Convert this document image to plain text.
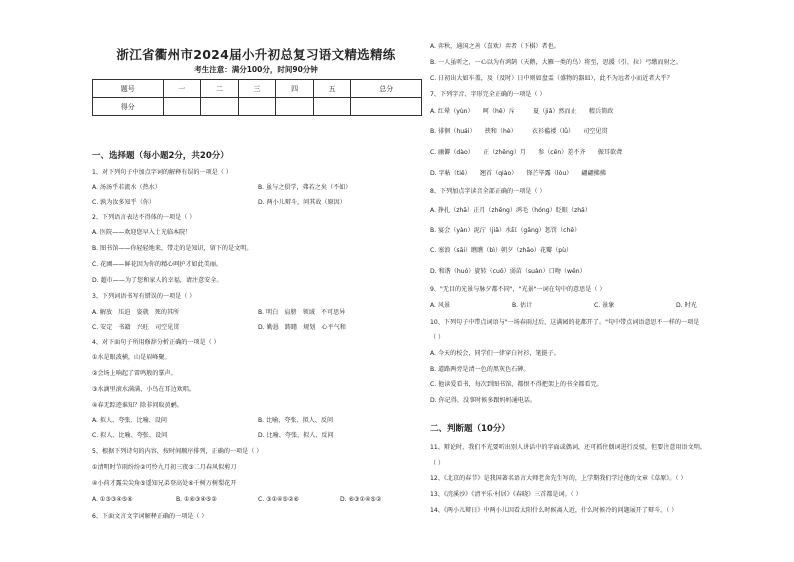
浙江省衢州市2024届小升初总复习语文精选精练
考生注意：满分100分，时间90分钟
题号	一	二	三	四	五	总分
得分						
一、选择题（每小题2分，共20分）
1、对下列句子中加点字词的解释有误的一项是（ ）
A. 汤汤乎若流水（热水）	B. 虽与之俱学，弗若之矣（不如）
C. 孰为汝多知乎（你）	D. 两小儿辩斗，问其故（原因）
2、下列语言表达不得体的一项是（ ）
A. 医院——欢迎您早入土光临本院！
B. 图书馆——你轻轻地来，带走的是知识，留下的是文明。
C. 花圃——鲜花因为你的精心呵护才如此美丽。
D. 超市——为了您和家人的幸福，请注意安全。
3、下列词语书写有错误的一项是（ ）
A. 解放　压迫　姿就　死的其所	B. 明白　肩膀　领域　不可思异
C. 安定　书籍　兴旺　司空见贯	D. 勤恳　踌躇　规划　心平气和
4、对下面句子所用修辞分析正确的一项是（ ）
①水是眼波横，山是眉峰聚。
②会场上响起了雷鸣般的掌声。
③水滴里滚水满满，小鸟在耳边欢唱。
④春无踪迹谁知？除非问取黄鹂。
A. 拟人、夸张、比喻、设问	B. 比喻、夸张、拟人、反问
C. 拟人、比喻、夸张、设问	D. 比喻、夸张、拟人、反问
5、根据下列诗句的内容，按时间顺序排列，正确的一项是（ ）
①清明时节雨纷纷②可怜九月初三夜③二月春风似剪刀
④小荷才露尖尖角⑤遥知兄弟登高处⑥千树万树梨花开
A. ①③③④⑤⑥	B. ①⑥③④⑤②	C. ③①④⑤②⑥	D. ⑥③①④⑤②
6、下面文言文字词解释正确的一项是（ ）
A. 弈秋，通国之善（喜欢）弈者（下棋）者也。
B. 一人虽听之，一心以为有鸿鹄（天鹅，大雁一类的鸟）将至，思援（引，拉）弓缴而射之。
C. 日初出大如车盖，及（及时）日中则如盘盂（盛物的器皿），此不为远者小而近者大乎？
7、下列字音、字形完全正确的一项是（ ）
A. 红晕（yùn）　　呵（hē）斥　　　夏（jiǎ）然而止　　精兵简政
B. 徘徊（huái）　　挟和（hè）　　　衣衫褴褛（lǚ）　　司空见贯
C. 幽僻（dào）　　正（zhēng）月　　参（cēn）差不齐　　振耳欲聋
D. 字帖（tiē）　　翘首（qiào）　　锋芒毕露（lòu）　　翩翩拂拂
8、下列加点字读音全部正确的一项是（ ）
A. 挣扎（zhā）正月（zhēng）鸿毛（hóng）眨眼（zhǎ）
B. 宴会（yàn）泥泞（jiǎ）水缸（gāng）惩罚（chě）
C. 塞浪（sāi）瞧瞧（bì）朝夕（zhāo）花瓣（pù）
D. 和谐（huó）旋转（cuō）弱苗（suàn）口吻（wěn）
9、"无目的光景与脉夕都不同"，"光景"一词在句中的意思是（ ）
A. 风景	B. 估计	C. 景象	D. 时光
10、下列句子中带点词语与"一场春雨过后，这满园的花都开了。"句中带点词语意思不一样的一项是
（ ）
A. 今天的校会，同学们一律穿白衬衫，笔挺子。
B. 道路两旁是清一色的黑灰色石碑。
C. 他读爱看书，每次到图书馆，都恨不得把架上的书全都看完。
D. 你记得，没事时候多跟妈妈通电话。
二、判断题（10分）
11、辩论时，我们不光要听出别人讲话中的字面或偶词，还可抓住偶词进行反驳，但要注意用语文明。
（ ）
12、《北京的春节》是我国著名语言大师老舍先生写的，上学期我们学过他的文章《草原》。（ ）
13、《浣溪沙》《清平乐·村居》《春晓》三首都是词。（ ）
14、《两小儿辩日》中两小儿因看太阳什么时候离人近，什么时候冷的问题展开了辩斗。（ ）
